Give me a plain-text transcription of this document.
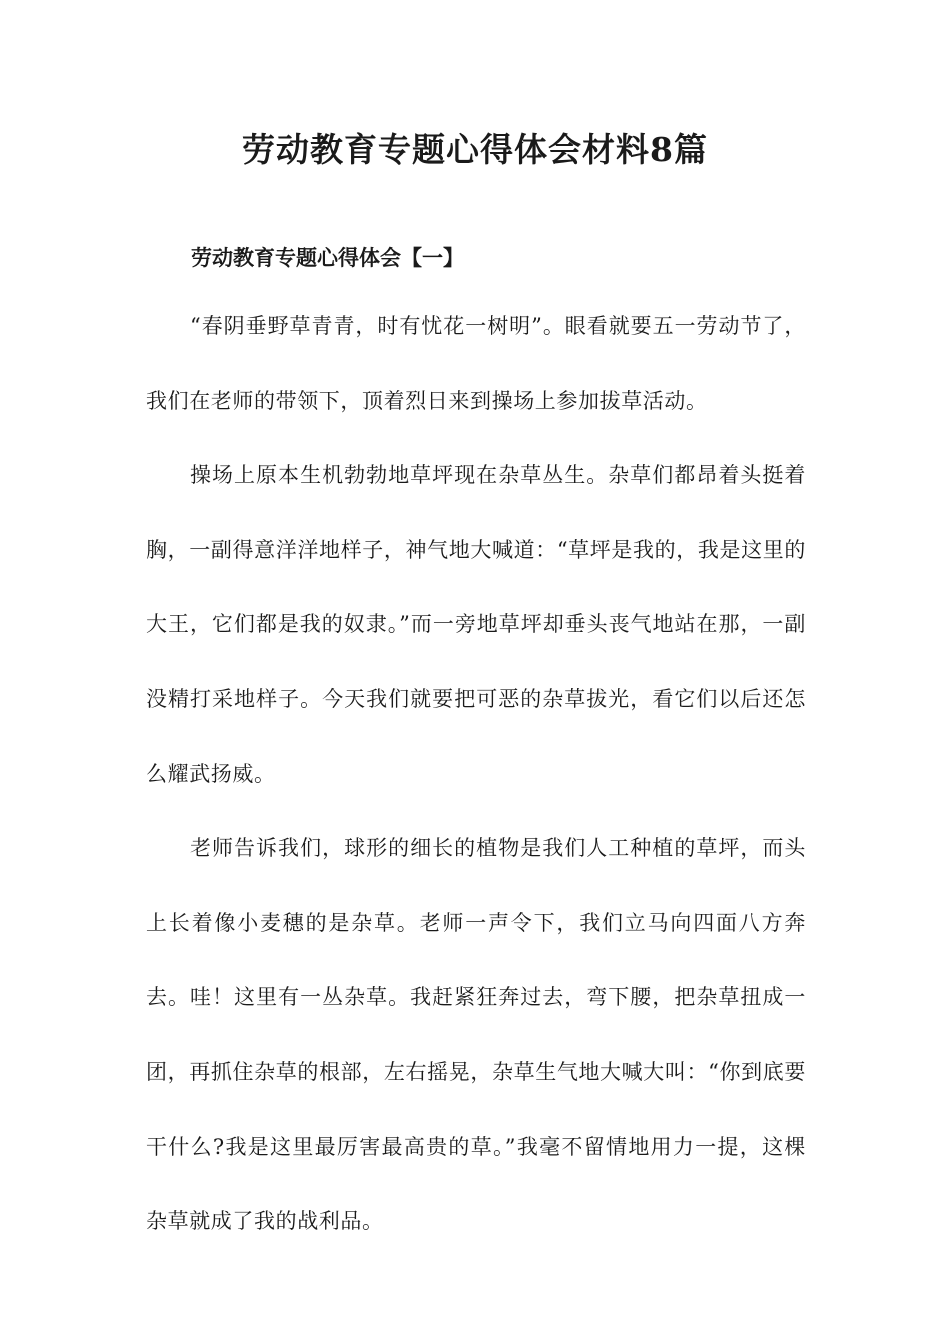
劳动教育专题心得体会材料8篇
劳动教育专题心得体会【一】

“春阴垂野草青青，时有忧花一树明”。眼看就要五一劳动节了，我们在老师的带领下，顶着烈日来到操场上参加拔草活动。

操场上原本生机勃勃地草坪现在杂草丛生。杂草们都昂着头挺着胸，一副得意洋洋地样子，神气地大喊道：“草坪是我的，我是这里的大王，它们都是我的奴隶。”而一旁地草坪却垂头丧气地站在那，一副没精打采地样子。今天我们就要把可恶的杂草拔光，看它们以后还怎么耀武扬威。

老师告诉我们，球形的细长的植物是我们人工种植的草坪，而头上长着像小麦穗的是杂草。老师一声令下，我们立马向四面八方奔去。哇！这里有一丛杂草。我赶紧狂奔过去，弯下腰，把杂草扭成一团，再抓住杂草的根部，左右摇晃，杂草生气地大喊大叫：“你到底要干什么?我是这里最厉害最高贵的草。”我毫不留情地用力一提，这棵杂草就成了我的战利品。
